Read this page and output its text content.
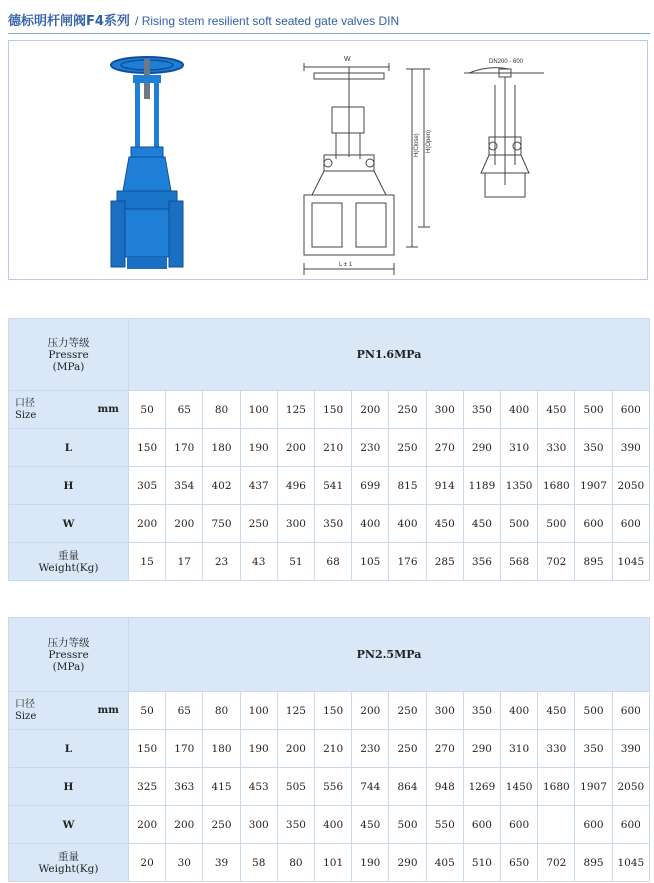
德标明杆闸阀F4系列 / Rising stem resilient soft seated gate valves DIN
W
L ± 1
H(Close) H(Open)
DN200 - 600
压力等级
Pressre
(MPa)		PN1.6MPa													

口径
Size	mm	50	65	80	100	125	150	200	250	300	350	400	450	500	600
L		150	170	180	190	200	210	230	250	270	290	310	330	350	390
H		305	354	402	437	496	541	699	815	914	1189	1350	1680	1907	2050
W		200	200	750	250	300	350	400	400	450	450	500	500	600	600

重量
Weight(Kg)		15	17	23	43	51	68	105	176	285	356	568	702	895	1045
压力等级
Pressre
(MPa)		PN2.5MPa													

口径
Size	mm	50	65	80	100	125	150	200	250	300	350	400	450	500	600
L		150	170	180	190	200	210	230	250	270	290	310	330	350	390
H		325	363	415	453	505	556	744	864	948	1269	1450	1680	1907	2050
W		200	200	250	300	350	400	450	500	550	600	600		600	600

重量
Weight(Kg)		20	30	39	58	80	101	190	290	405	510	650	702	895	1045
